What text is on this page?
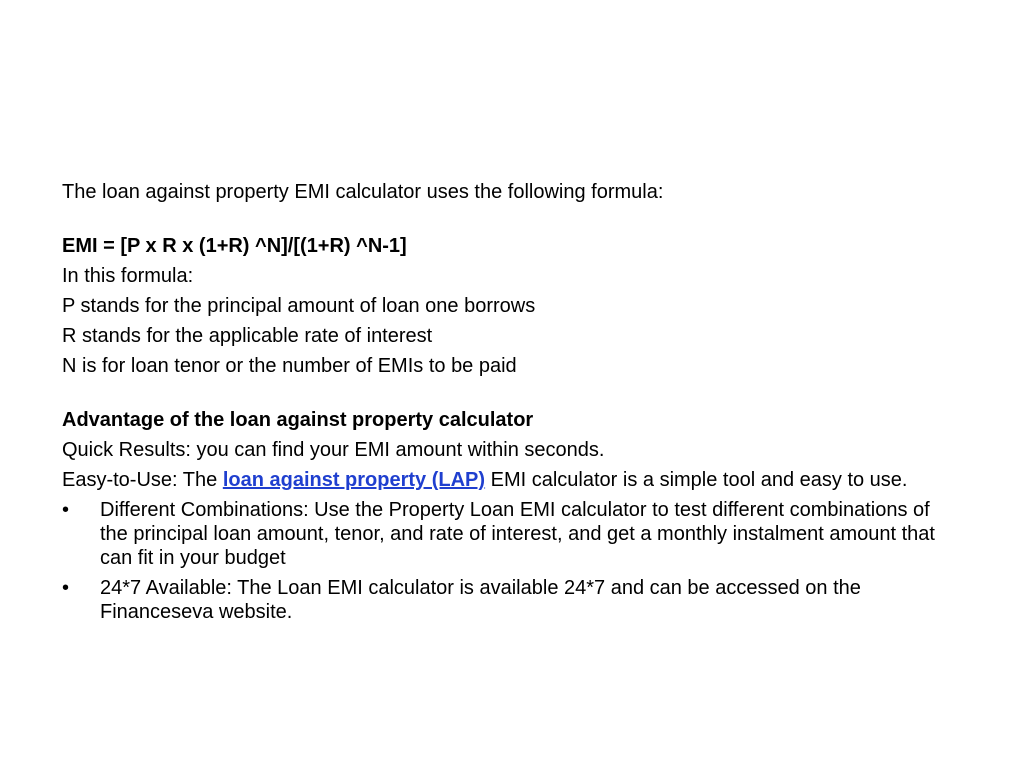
The loan against property EMI calculator uses the following formula:

EMI = [P x R x (1+R) ^N]/[(1+R) ^N-1]

In this formula:

P stands for the principal amount of loan one borrows

R stands for the applicable rate of interest

N is for loan tenor or the number of EMIs to be paid

Advantage of the loan against property calculator

Quick Results: you can find your EMI amount within seconds.

Easy-to-Use: The loan against property (LAP) EMI calculator is a simple tool and easy to use.

•	Different Combinations: Use the Property Loan EMI calculator to test different combinations of the principal loan amount, tenor, and rate of interest, and get a monthly instalment amount that can fit in your budget
•	24*7 Available: The Loan EMI calculator is available 24*7 and can be accessed on the Financeseva website.
